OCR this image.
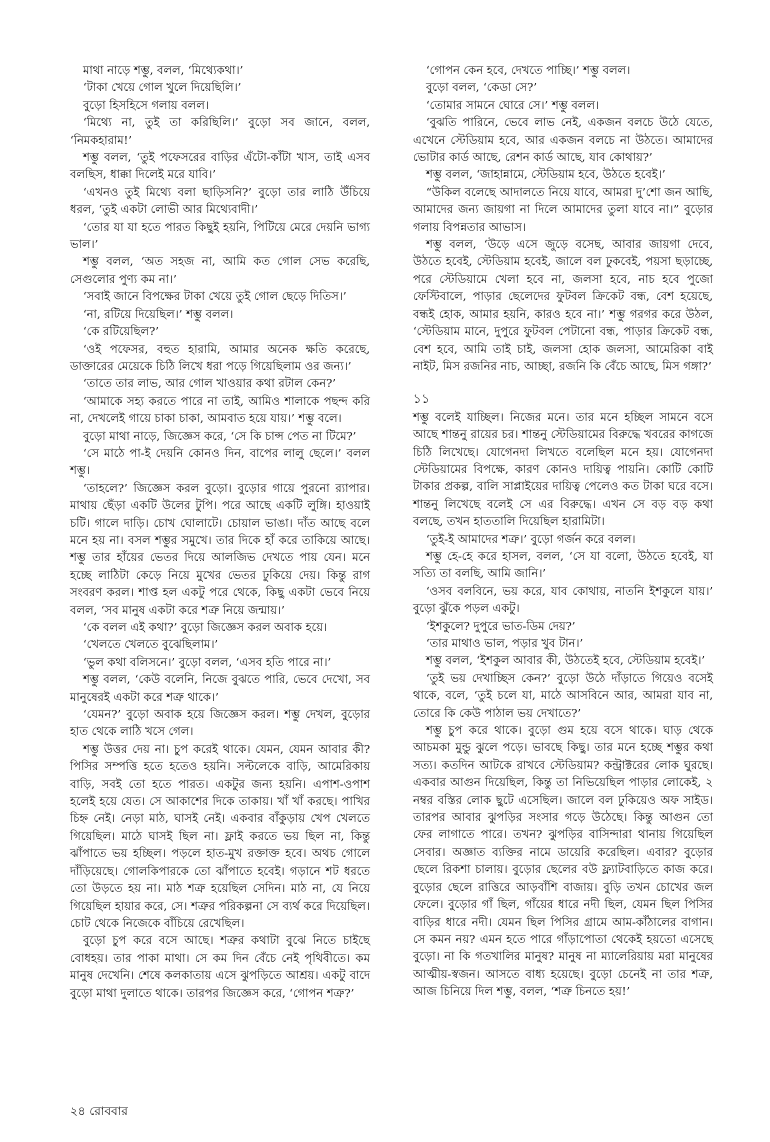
মাথা নাড়ে শম্ভু, বলল, ‘মিথ্যেকথা।’

‘টাকা খেয়ে গোল খুলে দিয়েছিলি।’

বুড়ো হিসহিসে গলায় বলল।

‘মিথ্যে না, তুই তা করিছিলি।’ বুড়ো সব জানে, বলল, ‘নিমকহারাম!’

শম্ভু বলল, ‘তুই পফেসরের বাড়ির এঁটো-কাঁটা খাস, তাই এসব বলছিস, ধাক্কা দিলেই মরে যাবি।’

‘এখনও তুই মিথ্যে বলা ছাড়িসনি?’ বুড়ো তার লাঠি উঁচিয়ে ধরল, ‘তুই একটা লোভী আর মিথ্যেবাদী।’

‘তোর যা যা হতে পারত কিছুই হয়নি, পিটিয়ে মেরে দেয়নি ভাগ্য ভাল।’

শম্ভু বলল, ‘অত সহজ না, আমি কত গোল সেভ করেছি, সেগুলোর পুণ্য কম না।’

‘সবাই জানে বিপক্ষের টাকা খেয়ে তুই গোল ছেড়ে দিতিস।’

‘না, রটিয়ে দিয়েছিল।’ শম্ভু বলল।

‘কে রটিয়েছিল?’

‘ওই পফেসর, বহুত হারামি, আমার অনেক ক্ষতি করেছে, ডাক্তারের মেয়েকে চিঠি লিখে ধরা পড়ে গিয়েছিলাম ওর জন্য।’

‘তাতে তার লাভ, আর গোল খাওয়ার কথা রটাল কেন?’

‘আমাকে সহ্য করতে পারে না তাই, আমিও শালাকে পছন্দ করি না, দেখলেই গায়ে চাকা চাকা, আমবাত হয়ে যায়।’ শম্ভু বলে।

বুড়ো মাথা নাড়ে, জিজ্ঞেস করে, ‘সে কি চান্স পেত না টিমে?’

‘সে মাঠে পা-ই দেয়নি কোনও দিন, বাপের লালু ছেলে।’ বলল শম্ভু।

‘তাহলে?’ জিজ্ঞেস করল বুড়ো। বুড়োর গায়ে পুরনো র‍্যাপার। মাথায় ছেঁড়া একটি উলের টুপি। পরে আছে একটি লুঙ্গি। হাওয়াই চটি। গালে দাড়ি। চোখ ঘোলাটে। চোয়াল ভাঙা। দাঁত আছে বলে মনে হয় না। বসল শম্ভুর সমুখে। তার দিকে হাঁ করে তাকিয়ে আছে। শম্ভু তার হাঁয়ের ভেতর দিয়ে আলজিভ দেখতে পায় যেন। মনে হচ্ছে লাঠিটা কেড়ে নিয়ে মুখের ভেতর ঢুকিয়ে দেয়। কিন্তু রাগ সংবরণ করল। শাপ্ত হল একটু পরে থেকে, কিছু একটা ভেবে নিয়ে বলল, ‘সব মানুষ একটা করে শত্রু নিয়ে জন্মায়।’

‘কে বলল এই কথা?’ বুড়ো জিজ্ঞেস করল অবাক হয়ে।

‘খেলতে খেলতে বুঝেছিলাম।’

‘ভুল কথা বলিসনে।’ বুড়ো বলল, ‘এসব হতি পারে না।’

শম্ভু বলল, ‘কেউ বলেনি, নিজে বুঝতে পারি, ভেবে দেখো, সব মানুষেরই একটা করে শত্রু থাকে।’

‘যেমন?’ বুড়ো অবাক হয়ে জিজ্ঞেস করল। শম্ভু দেখল, বুড়োর হাত থেকে লাঠি খসে গেল।

শম্ভু উত্তর দেয় না। চুপ করেই থাকে। যেমন, যেমন আবার কী? পিসির সম্পত্তি হতে হতেও হয়নি। সল্টলেকে বাড়ি, আমেরিকায় বাড়ি, সবই তো হতে পারত। একটুর জন্য হয়নি। এপাশ-ওপাশ হলেই হয়ে যেত। সে আকাশের দিকে তাকায়। খাঁ খাঁ করছে। পাখির চিহ্ন নেই। নেড়া মাঠ, ঘাসই নেই। একবার বাঁকুড়ায় খেপ খেলতে গিয়েছিল। মাঠে ঘাসই ছিল না। ফ্লাই করতে ভয় ছিল না, কিন্তু ঝাঁপাতে ভয় হচ্ছিল। পড়লে হাত-মুখ রক্তাক্ত হবে। অথচ গোলে দাঁড়িয়েছে। গোলকিপারকে তো ঝাঁপাতে হবেই। গড়ানে শট ধরতে তো উড়তে হয় না। মাঠ শত্রু হয়েছিল সেদিন। মাঠ না, যে নিয়ে গিয়েছিল হায়ার করে, সে। শত্রুর পরিকল্পনা সে ব্যর্থ করে দিয়েছিল। চোট থেকে নিজেকে বাঁচিয়ে রেখেছিল।

বুড়ো চুপ করে বসে আছে। শত্রুর কথাটা বুঝে নিতে চাইছে বোধহয়। তার পাকা মাথা। সে কম দিন বেঁচে নেই পৃথিবীতে। কম মানুষ দেখেনি। শেষে কলকাতায় এসে ঝুপড়িতে আশ্রয়। একটু বাদে বুড়ো মাথা দুলাতে থাকে। তারপর জিজ্ঞেস করে, ‘গোপন শত্রু?’

‘গোপন কেন হবে, দেখতে পাচ্ছি।’ শম্ভু বলল।

বুড়ো বলল, ‘কেডা সে?’

‘তোমার সামনে ঘোরে সে।’ শম্ভু বলল।

‘বুঝতি পারিনে, ভেবে লাভ নেই, একজন বলচে উঠে যেতে, এখেনে স্টেডিয়াম হবে, আর একজন বলচে না উঠতে। আমাদের ভোটার কার্ড আছে, রেশন কার্ড আছে, যাব কোথায়?’

শম্ভু বলল, ‘জাহান্নামে, স্টেডিয়াম হবে, উঠতে হবেই।’

“উকিল বলেছে আদালতে নিয়ে যাবে, আমরা দু’শো জন আছি, আমাদের জন্য জায়গা না দিলে আমাদের তুলা যাবে না।” বুড়োর গলায় বিপন্নতার আভাস।

শম্ভু বলল, ‘উড়ে এসে জুড়ে বসেছ, আবার জায়গা দেবে, উঠতে হবেই, স্টেডিয়াম হবেই, জালে বল ঢুকবেই, পয়সা ছড়াচ্ছে, পরে স্টেডিয়ামে খেলা হবে না, জলসা হবে, নাচ হবে পুজো ফেস্টিবালে, পাড়ার ছেলেদের ফুটবল ক্রিকেট বন্ধ, বেশ হয়েছে, বন্ধই হোক, আমার হয়নি, কারও হবে না।’ শম্ভু গরগর করে উঠল, ‘স্টেডিয়াম মানে, দুপুরে ফুটবল পেটানো বন্ধ, পাড়ার ক্রিকেট বন্ধ, বেশ হবে, আমি তাই চাই, জলসা হোক জলসা, আমেরিকা বাই নাইট, মিস রজনির নাচ, আচ্ছা, রজনি কি বেঁচে আছে, মিস গঙ্গা?’

১১

শম্ভু বলেই যাচ্ছিল। নিজের মনে। তার মনে হচ্ছিল সামনে বসে আছে শান্তনু রায়ের চর। শান্তনু স্টেডিয়ামের বিরুদ্ধে খবরের কাগজে চিঠি লিখেছে। যোগেনদা লিখতে বলেছিল মনে হয়। যোগেনদা স্টেডিয়ামের বিপক্ষে, কারণ কোনও দায়িত্ব পায়নি। কোটি কোটি টাকার প্রকল্প, বালি সাপ্লাইয়ের দায়িত্ব পেলেও কত টাকা ঘরে বসে। শান্তনু লিখেছে বলেই সে এর বিরুদ্ধে। এখন সে বড় বড় কথা বলছে, তখন হাততালি দিয়েছিল হারামিটা।

‘তুই-ই আমাদের শত্রু।’ বুড়ো গর্জন করে বলল।

শম্ভু হে-হে করে হাসল, বলল, ‘সে যা বলো, উঠতে হবেই, যা সত্যি তা বলছি, আমি জানি।’

‘ওসব বলবিনে, ভয় করে, যাব কোথায়, নাতনি ইশকুলে যায়।’ বুড়ো ঝুঁকে পড়ল একটু।

‘ইশকুলে? দুপুরে ভাত-ডিম দেয়?’

‘তার মাথাও ভাল, পড়ার খুব টান।’

শম্ভু বলল, ‘ইশকুল আবার কী, উঠতেই হবে, স্টেডিয়াম হবেই।’

‘তুই ভয় দেখাচ্ছিস কেন?’ বুড়ো উঠে দাঁড়াতে গিয়েও বসেই থাকে, বলে, ‘তুই চলে যা, মাঠে আসবিনে আর, আমরা যাব না, তোরে কি কেউ পাঠাল ভয় দেখাতে?’

শম্ভু চুপ করে থাকে। বুড়ো গুম হয়ে বসে থাকে। ঘাড় থেকে আচমকা মুন্ডু ঝুলে পড়ে। ভাবছে কিছু। তার মনে হচ্ছে শম্ভুর কথা সত্য। কতদিন আটকে রাখবে স্টেডিয়াম? কন্ট্রাক্টরের লোক ঘুরছে। একবার আগুন দিয়েছিল, কিন্তু তা নিভিয়েছিল পাড়ার লোকেই, ২ নম্বর বস্তির লোক ছুটে এসেছিল। জালে বল ঢুকিয়েও অফ সাইড। তারপর আবার ঝুপড়ির সংসার গড়ে উঠেছে। কিন্তু আগুন তো ফের লাগাতে পারে। তখন? ঝুপড়ির বাসিন্দারা থানায় গিয়েছিল সেবার। অজ্ঞাত ব্যক্তির নামে ডায়েরি করেছিল। এবার? বুড়োর ছেলে রিকশা চালায়। বুড়োর ছেলের বউ ফ্ল্যাটবাড়িতে কাজ করে। বুড়োর ছেলে রাত্তিরে আড়বাঁশি বাজায়। বুড়ি তখন চোখের জল ফেলে। বুড়োর গাঁ ছিল, গাঁয়ের ধারে নদী ছিল, যেমন ছিল পিসির বাড়ির ধারে নদী। যেমন ছিল পিসির গ্রামে আম-কাঁঠালের বাগান। সে কমন নয়? এমন হতে পারে গাঁড়াপোতা থেকেই হয়তো এসেছে বুড়ো। না কি গতখালির মানুষ? মানুষ না ম্যালেরিয়ায় মরা মানুষের আত্মীয়-স্বজন। আসতে বাধ্য হয়েছে। বুড়ো চেনেই না তার শত্রু, আজ চিনিয়ে দিল শম্ভু, বলল, ‘শত্রু চিনতে হয়!’

২৪ রোববার
